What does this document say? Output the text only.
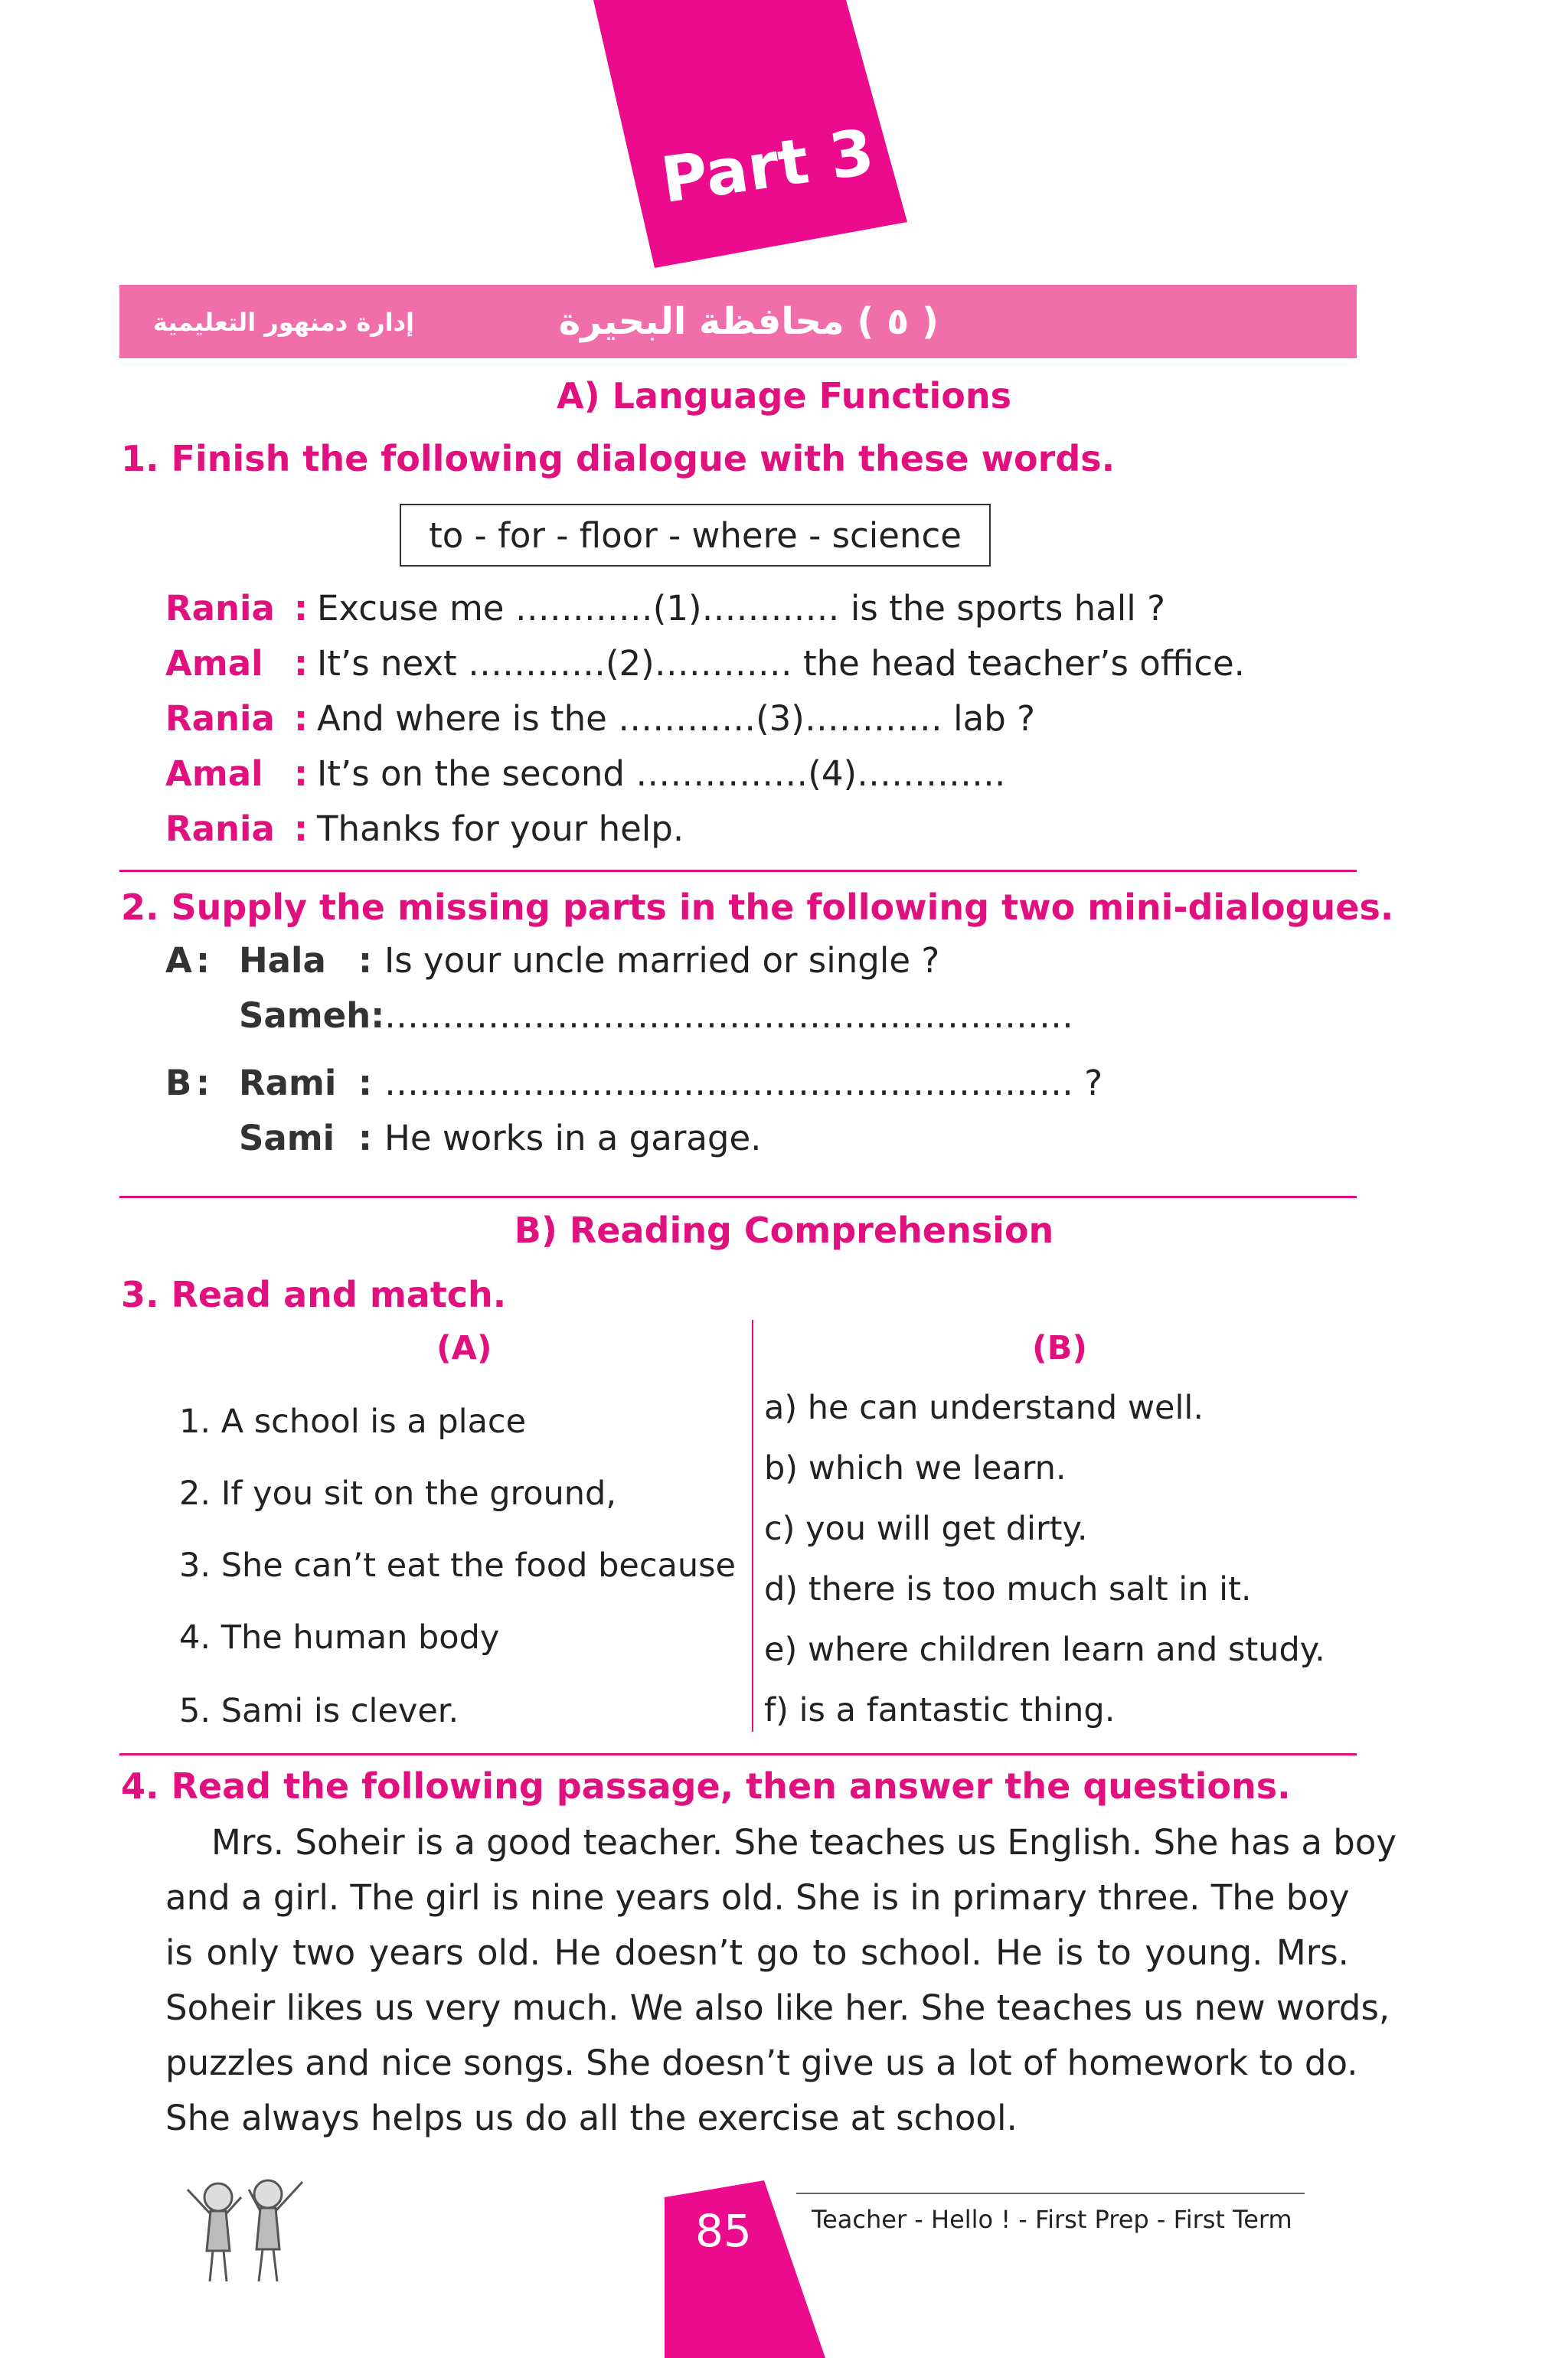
Part 3
( ٥ ) محافظة البحيرة
إدارة دمنهور التعليمية
A) Language Functions
1. Finish the following dialogue with these words.
to - for - floor - where - science
Rania : Excuse me …………(1)………… is the sports hall ?
Amal : It’s next …………(2)………… the head teacher’s office.
Rania : And where is the …………(3)………… lab ?
Amal : It’s on the second ……………(4)………….
Rania : Thanks for your help.
2. Supply the missing parts in the following two mini-dialogues.
A : Hala : Is your uncle married or single ?
Sameh: ……………………………………………………
B : Rami : …………………………………………………… ?
Sami : He works in a garage.
B) Reading Comprehension
3. Read and match.
(A)	(B)
1. A school is a place
2. If you sit on the ground,
3. She can’t eat the food because
4. The human body
5. Sami is clever.
a) he can understand well.
b) which we learn.
c) you will get dirty.
d) there is too much salt in it.
e) where children learn and study.
f) is a fantastic thing.
4. Read the following passage, then answer the questions.
Mrs. Soheir is a good teacher. She teaches us English. She has a boy
and a girl. The girl is nine years old. She is in primary three. The boy
is only two years old. He doesn’t go to school. He is to young. Mrs.
Soheir likes us very much. We also like her. She teaches us new words,
puzzles and nice songs. She doesn’t give us a lot of homework to do.
She always helps us do all the exercise at school.
85 Teacher - Hello ! - First Prep - First Term
